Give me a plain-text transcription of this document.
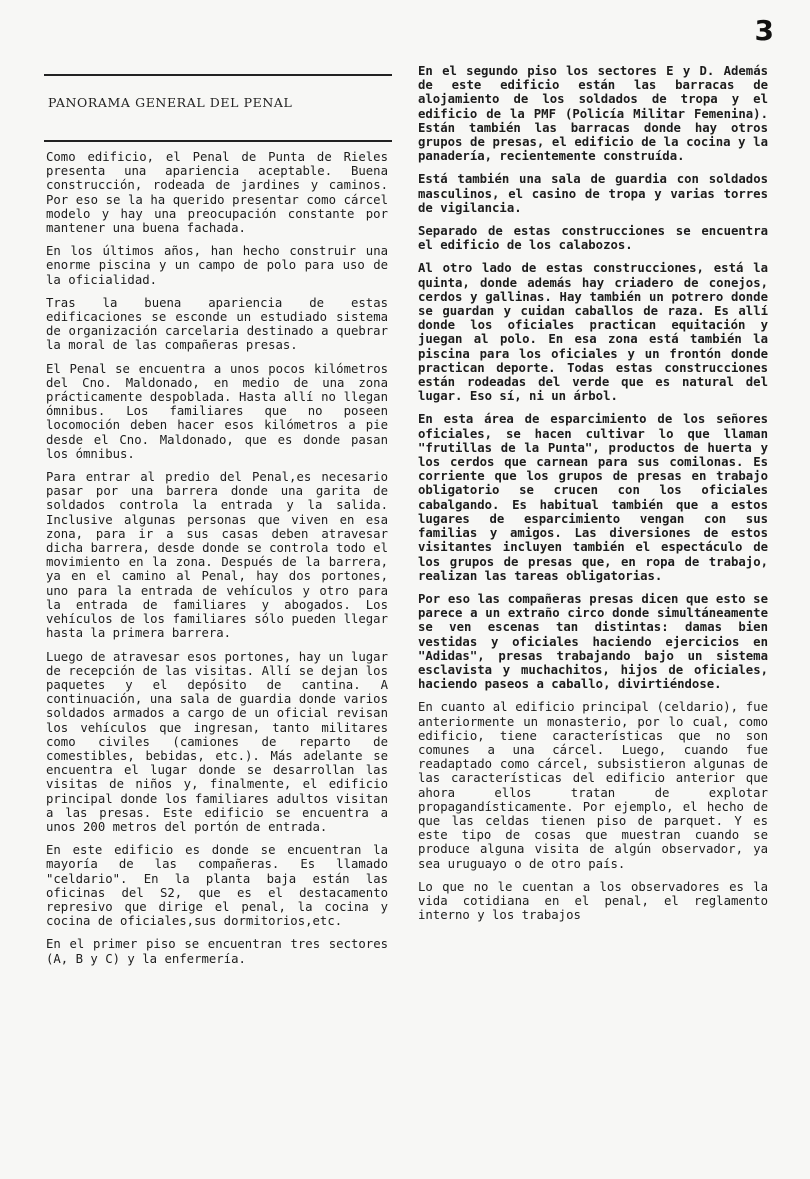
3
PANORAMA GENERAL DEL PENAL

Como edificio, el Penal de Punta de Rieles presenta una apariencia aceptable. Buena construcción, rodeada de jardines y caminos. Por eso se la ha querido presentar como cárcel modelo y hay una preocupación constante por mantener una buena fachada.

En los últimos años, han hecho construir una enorme piscina y un campo de polo para uso de la oficialidad.

Tras la buena apariencia de estas edificaciones se esconde un estudiado sistema de organización carcelaria destinado a quebrar la moral de las compañeras presas.

El Penal se encuentra a unos pocos kilómetros del Cno. Maldonado, en medio de una zona prácticamente despoblada. Hasta allí no llegan ómnibus. Los familiares que no poseen locomoción deben hacer esos kilómetros a pie desde el Cno. Maldonado, que es donde pasan los ómnibus.

Para entrar al predio del Penal,es necesario pasar por una barrera donde una garita de soldados controla la entrada y la salida. Inclusive algunas personas que viven en esa zona, para ir a sus casas deben atravesar dicha barrera, desde donde se controla todo el movimiento en la zona. Después de la barrera, ya en el camino al Penal, hay dos portones, uno para la entrada de vehículos y otro para la entrada de familiares y abogados. Los vehículos de los familiares sólo pueden llegar hasta la primera barrera.

Luego de atravesar esos portones, hay un lugar de recepción de las visitas. Allí se dejan los paquetes y el depósito de cantina. A continuación, una sala de guardia donde varios soldados armados a cargo de un oficial revisan los vehículos que ingresan, tanto militares como civiles (camiones de reparto de comestibles, bebidas, etc.). Más adelante se encuentra el lugar donde se desarrollan las visitas de niños y, finalmente, el edificio principal donde los familiares adultos visitan a las presas. Este edificio se encuentra a unos 200 metros del portón de entrada.

En este edificio es donde se encuentran la mayoría de las compañeras. Es llamado "celdario". En la planta baja están las oficinas del S2, que es el destacamento represivo que dirige el penal, la cocina y cocina de oficiales,sus dormitorios,etc.

En el primer piso se encuentran tres sectores (A, B y C) y la enfermería.

En el segundo piso los sectores E y D. Además de este edificio están las barracas de alojamiento de los soldados de tropa y el edificio de la PMF (Policía Militar Femenina). Están también las barracas donde hay otros grupos de presas, el edificio de la cocina y la panadería, recientemente construída.

Está también una sala de guardia con soldados masculinos, el casino de tropa y varias torres de vigilancia.

Separado de estas construcciones se encuentra el edificio de los calabozos.

Al otro lado de estas construcciones, está la quinta, donde además hay criadero de conejos, cerdos y gallinas. Hay también un potrero donde se guardan y cuidan caballos de raza. Es allí donde los oficiales practican equitación y juegan al polo. En esa zona está también la piscina para los oficiales y un frontón donde practican deporte. Todas estas construcciones están rodeadas del verde que es natural del lugar. Eso sí, ni un árbol.

En esta área de esparcimiento de los señores oficiales, se hacen cultivar lo que llaman "frutillas de la Punta", productos de huerta y los cerdos que carnean para sus comilonas. Es corriente que los grupos de presas en trabajo obligatorio se crucen con los oficiales cabalgando. Es habitual también que a estos lugares de esparcimiento vengan con sus familias y amigos. Las diversiones de estos visitantes incluyen también el espectáculo de los grupos de presas que, en ropa de trabajo, realizan las tareas obligatorias.

Por eso las compañeras presas dicen que esto se parece a un extraño circo donde simultáneamente se ven escenas tan distintas: damas bien vestidas y oficiales haciendo ejercicios en "Adidas", presas trabajando bajo un sistema esclavista y muchachitos, hijos de oficiales, haciendo paseos a caballo, divirtiéndose.

En cuanto al edificio principal (celdario), fue anteriormente un monasterio, por lo cual, como edificio, tiene características que no son comunes a una cárcel. Luego, cuando fue readaptado como cárcel, subsistieron algunas de las características del edificio anterior que ahora ellos tratan de explotar propagandísticamente. Por ejemplo, el hecho de que las celdas tienen piso de parquet. Y es este tipo de cosas que muestran cuando se produce alguna visita de algún observador, ya sea uruguayo o de otro país.

Lo que no le cuentan a los observadores es la vida cotidiana en el penal, el reglamento interno y los trabajos
